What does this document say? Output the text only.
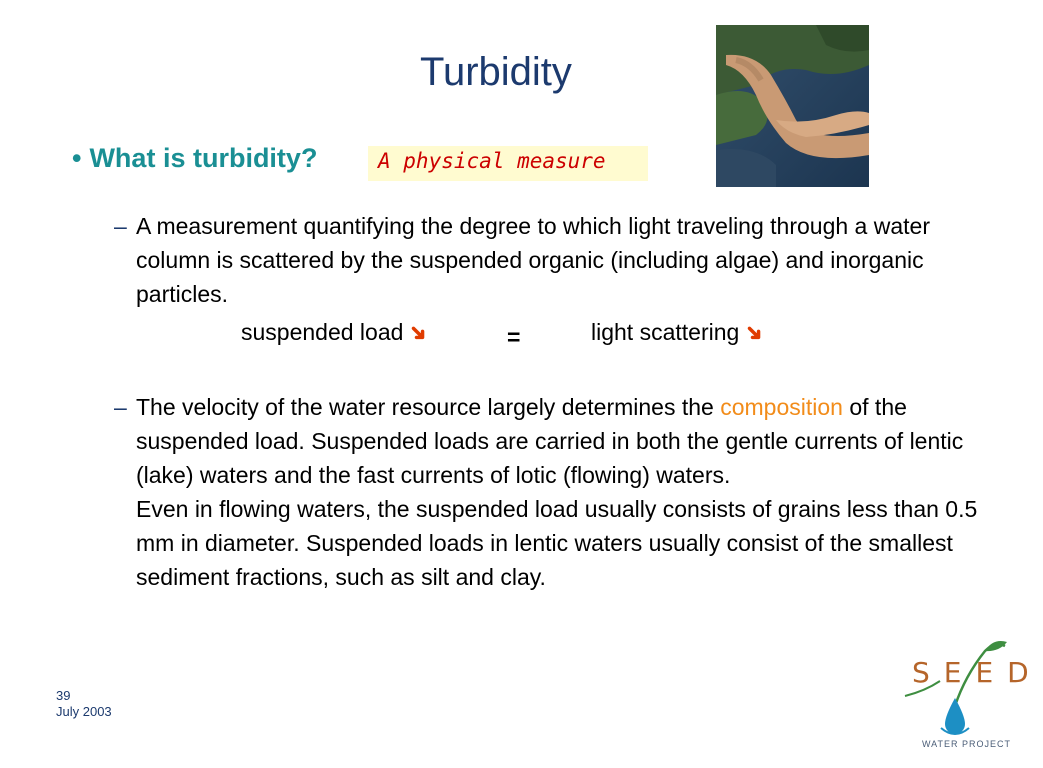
Turbidity
• What is turbidity?	A physical measure
– A measurement quantifying the degree to which light traveling through a water column is scattered by the suspended organic (including algae) and inorganic particles.
suspended load➜	=	light scattering➜
– The velocity of the water resource largely determines the composition of the suspended load. Suspended loads are carried in both the gentle currents of lentic (lake) waters and the fast currents of lotic (flowing) waters.
Even in flowing waters, the suspended load usually consists of grains less than 0.5 mm in diameter. Suspended loads in lentic waters usually consist of the smallest sediment fractions, such as silt and clay.
39
July 2003
SEED
WATER PROJECT
